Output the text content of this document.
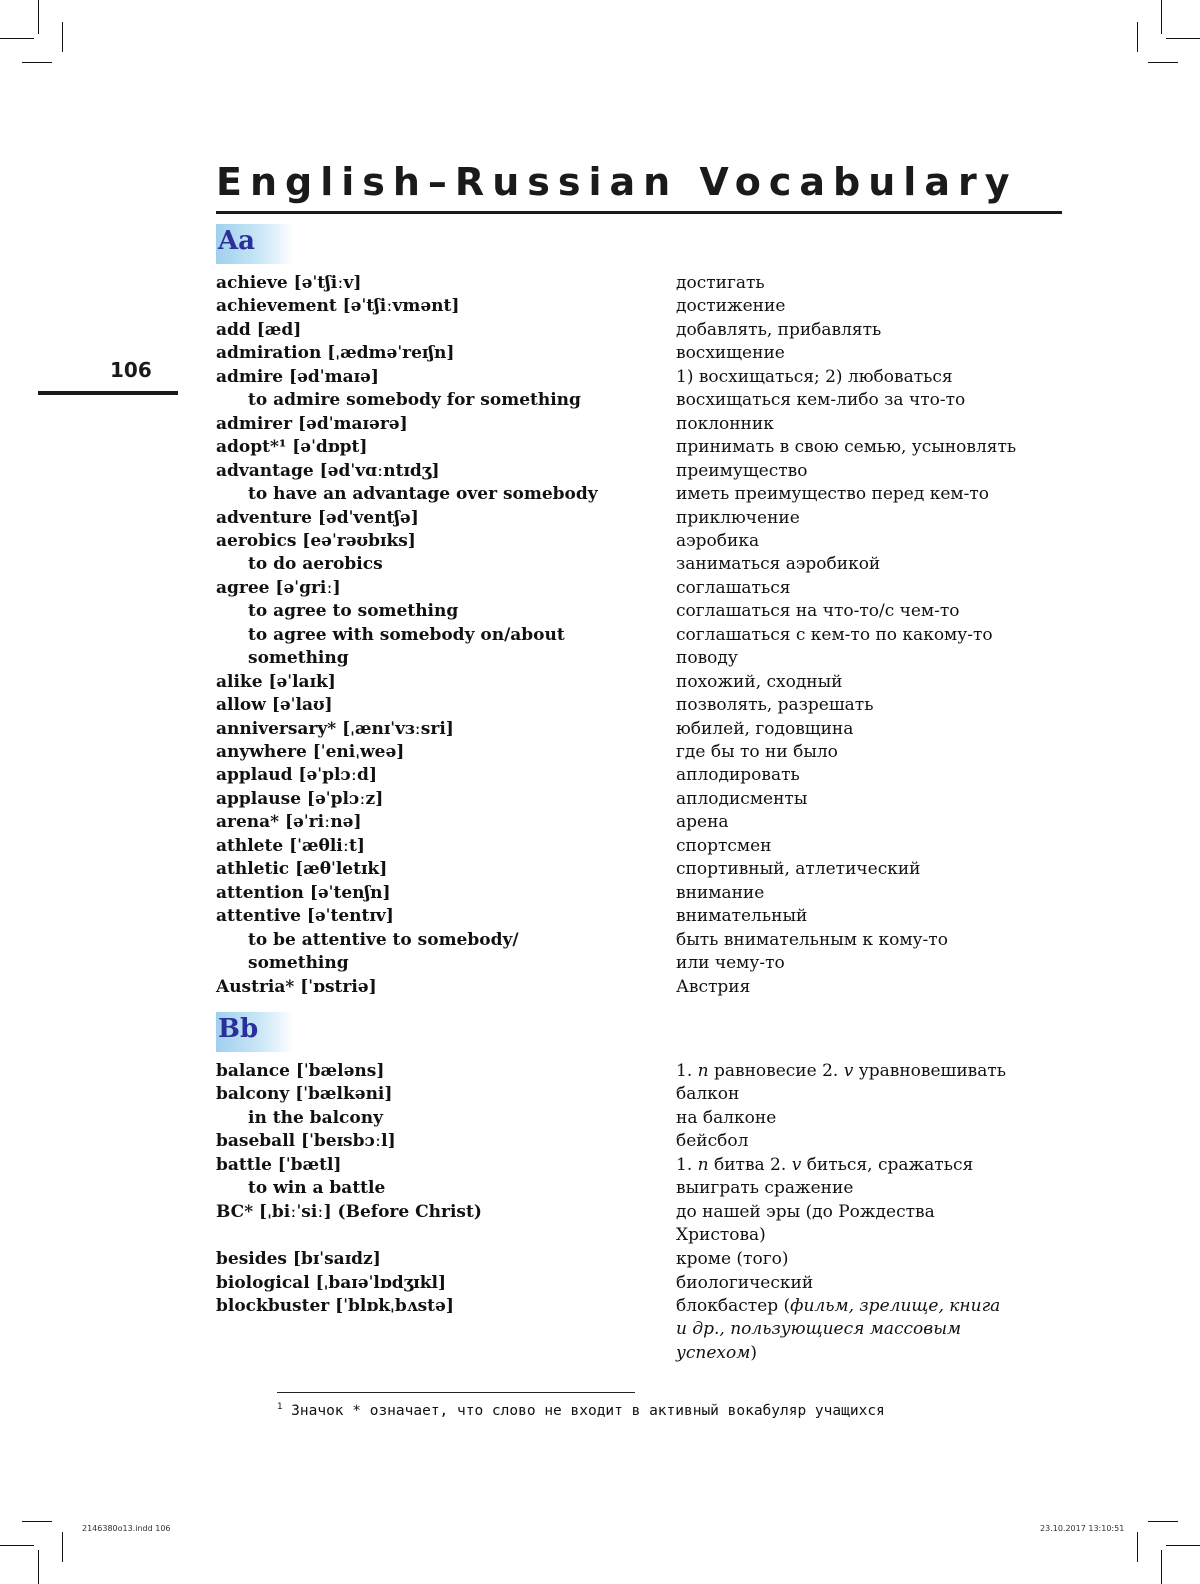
English–Russian Vocabulary
106
Aa
achieve [əˈtʃiːv]	достигать
achievement [əˈtʃiːvmənt]	достижение
add [æd]	добавлять, прибавлять
admiration [ˌædməˈreɪʃn]	восхищение
admire [ədˈmaɪə]	1) восхищаться; 2) любоваться
to admire somebody for something	восхищаться кем-либо за что-то
admirer [ədˈmaɪərə]	поклонник
adopt*¹ [əˈdɒpt]	принимать в свою семью, усыновлять
advantage [ədˈvɑːntɪdʒ]	преимущество
to have an advantage over somebody	иметь преимущество перед кем-то
adventure [ədˈventʃə]	приключение
aerobics [eəˈrəʊbɪks]	аэробика
to do aerobics	заниматься аэробикой
agree [əˈgriː]	соглашаться
to agree to something	соглашаться на что-то/с чем-то
to agree with somebody on/about	соглашаться с кем-то по какому-то
something	поводу
alike [əˈlaɪk]	похожий, сходный
allow [əˈlaʊ]	позволять, разрешать
anniversary* [ˌænɪˈvɜːsri]	юбилей, годовщина
anywhere [ˈeniˌweə]	где бы то ни было
applaud [əˈplɔːd]	аплодировать
applause [əˈplɔːz]	аплодисменты
arena* [əˈriːnə]	арена
athlete [ˈæθliːt]	спортсмен
athletic [æθˈletɪk]	спортивный, атлетический
attention [əˈtenʃn]	внимание
attentive [əˈtentɪv]	внимательный
to be attentive to somebody/	быть внимательным к кому-то
something	или чему-то
Austria* [ˈɒstriə]	Австрия
Bb
balance [ˈbæləns]	1. n равновесие 2. v уравновешивать
balcony [ˈbælkəni]	балкон
in the balcony	на балконе
baseball [ˈbeɪsbɔːl]	бейсбол
battle [ˈbætl]	1. n битва 2. v биться, сражаться
to win a battle	выиграть сражение
BC* [ˌbiːˈsiː] (Before Christ)	до нашей эры (до Рождества
Христова)
besides [bɪˈsaɪdz]	кроме (того)
biological [ˌbaɪəˈlɒdʒɪkl]	биологический
blockbuster [ˈblɒkˌbʌstə]	блокбастер (фильм, зрелище, книга
и др., пользующиеся массовым
успехом)
$^1$ Значок * означает, что слово не входит в активный вокабуляр учащихся
2146380o13.indd 106	23.10.2017 13:10:51
